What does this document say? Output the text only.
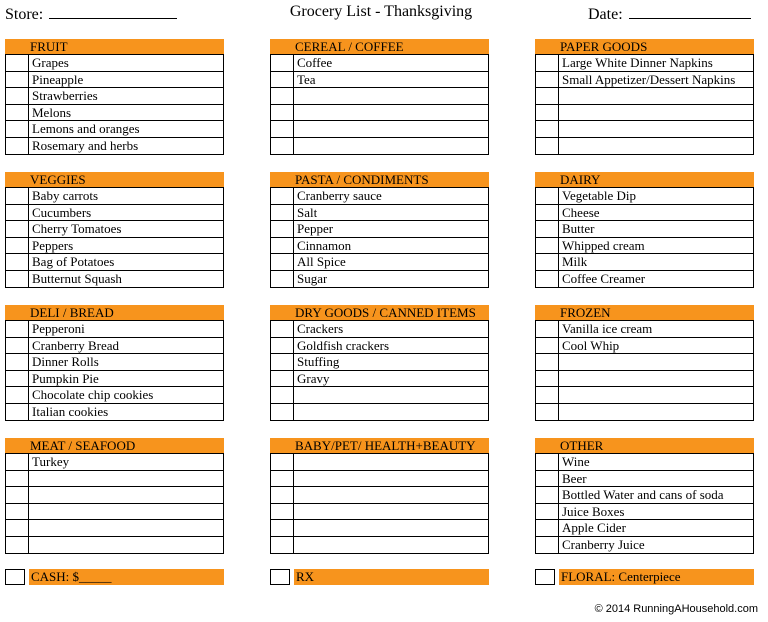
Store:	Grocery List - Thanksgiving	Date:
FRUIT
Grapes
Pineapple
Strawberries
Melons
Lemons and oranges
Rosemary and herbs
CEREAL / COFFEE
Coffee
Tea
PAPER GOODS
Large White Dinner Napkins
Small Appetizer/Dessert Napkins
VEGGIES
Baby carrots
Cucumbers
Cherry Tomatoes
Peppers
Bag of Potatoes
Butternut Squash
PASTA / CONDIMENTS
Cranberry sauce
Salt
Pepper
Cinnamon
All Spice
Sugar
DAIRY
Vegetable Dip
Cheese
Butter
Whipped cream
Milk
Coffee Creamer
DELI / BREAD
Pepperoni
Cranberry Bread
Dinner Rolls
Pumpkin Pie
Chocolate chip cookies
Italian cookies
DRY GOODS / CANNED ITEMS
Crackers
Goldfish crackers
Stuffing
Gravy
FROZEN
Vanilla ice cream
Cool Whip
MEAT / SEAFOOD
Turkey
BABY/PET/ HEALTH+BEAUTY	OTHER
Wine
Beer
Bottled Water and cans of soda
Juice Boxes
Apple Cider
Cranberry Juice
CASH: $_____	RX	FLORAL: Centerpiece
© 2014 RunningAHousehold.com
